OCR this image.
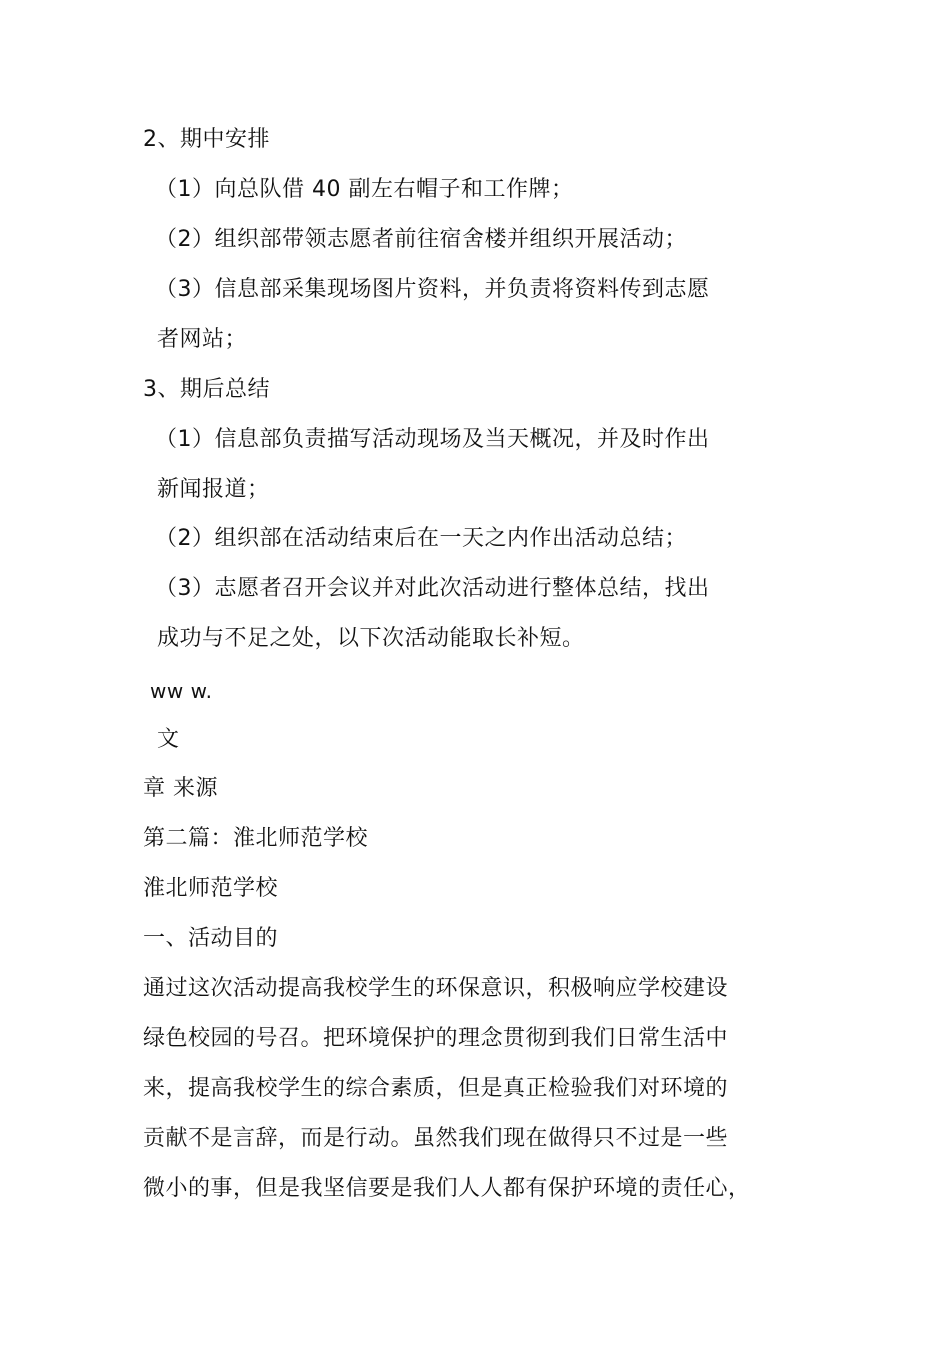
2、期中安排
（1）向总队借 40 副左右帽子和工作牌；
（2）组织部带领志愿者前往宿舍楼并组织开展活动；
（3）信息部采集现场图片资料，并负责将资料传到志愿
者网站；
3、期后总结
（1）信息部负责描写活动现场及当天概况，并及时作出
新闻报道；
（2）组织部在活动结束后在一天之内作出活动总结；
（3）志愿者召开会议并对此次活动进行整体总结，找出
成功与不足之处，以下次活动能取长补短。
ww w.
文
章 来源
第二篇：淮北师范学校
淮北师范学校
一、活动目的
通过这次活动提高我校学生的环保意识，积极响应学校建设
绿色校园的号召。把环境保护的理念贯彻到我们日常生活中
来，提高我校学生的综合素质，但是真正检验我们对环境的
贡献不是言辞，而是行动。虽然我们现在做得只不过是一些
微小的事，但是我坚信要是我们人人都有保护环境的责任心，
